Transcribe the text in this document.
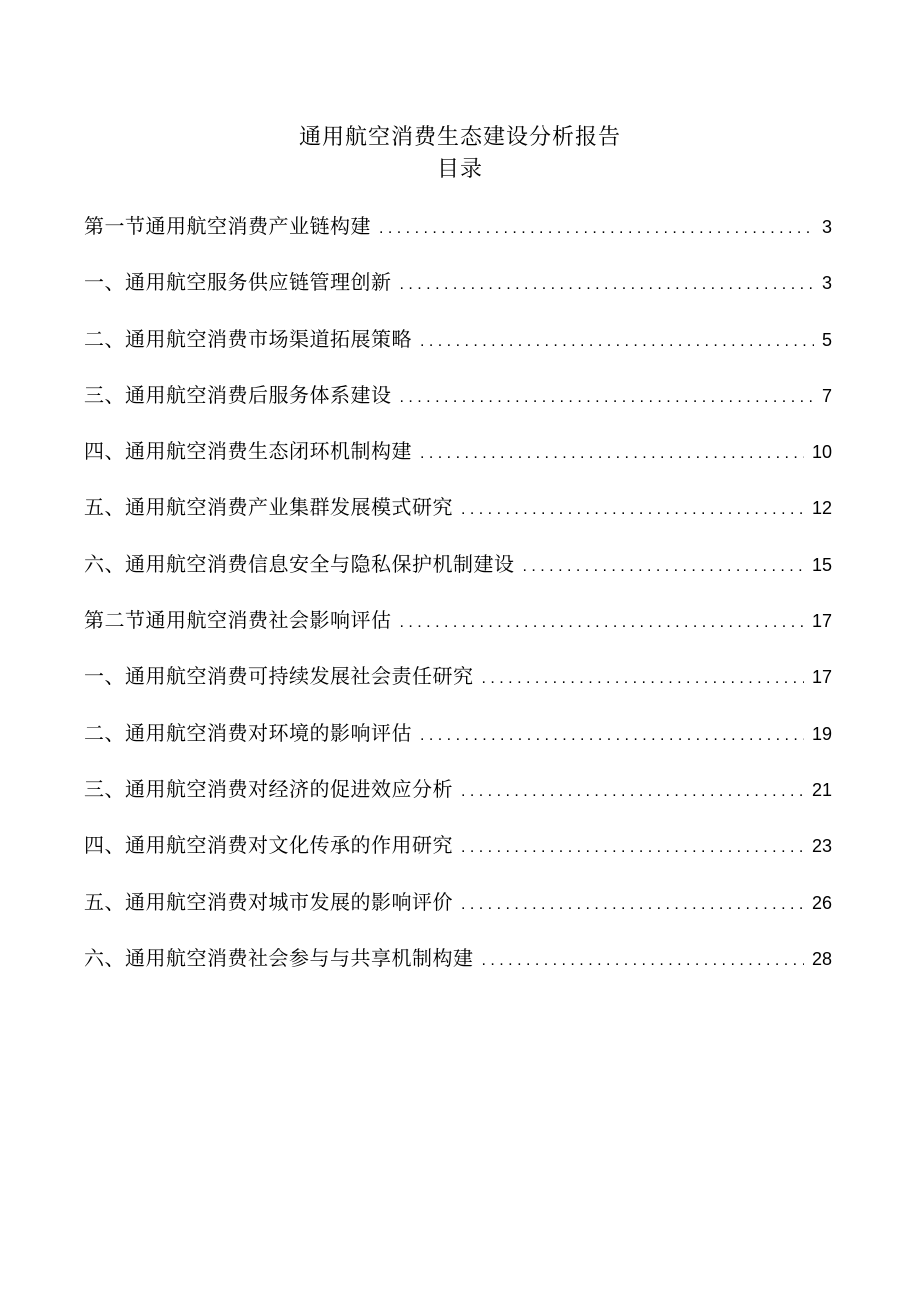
通用航空消费生态建设分析报告
目录
第一节通用航空消费产业链构建 . . .	3
一、通用航空服务供应链管理创新 . . .	3
二、通用航空消费市场渠道拓展策略 . . .	5
三、通用航空消费后服务体系建设 . . .	7
四、通用航空消费生态闭环机制构建 . . .	10
五、通用航空消费产业集群发展模式研究 . . .	12
六、通用航空消费信息安全与隐私保护机制建设 . . .	15
第二节通用航空消费社会影响评估 . . .	17
一、通用航空消费可持续发展社会责任研究 . . .	17
二、通用航空消费对环境的影响评估 . . .	19
三、通用航空消费对经济的促进效应分析 . . .	21
四、通用航空消费对文化传承的作用研究 . . .	23
五、通用航空消费对城市发展的影响评价 . . .	26
六、通用航空消费社会参与与共享机制构建 . . .	28
